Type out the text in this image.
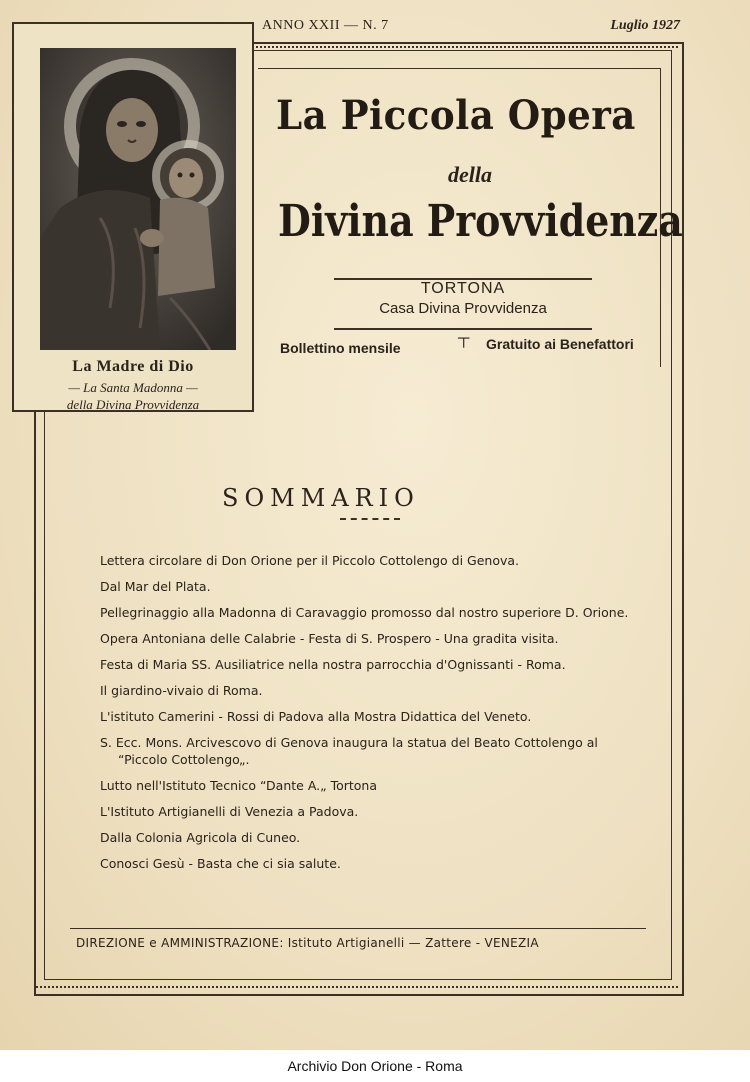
ANNO XXII — N. 7	Luglio 1927
La Madre di Dio
— La Santa Madonna —
della Divina Provvidenza
La Piccola Opera
della
Divina Provvidenza
TORTONA
Casa Divina Provvidenza
Bollettino mensile
┬ Gratuito ai Benefattori
SOMMARIO
Lettera circolare di Don Orione per il Piccolo Cottolengo di Genova.
Dal Mar del Plata.
Pellegrinaggio alla Madonna di Caravaggio promosso dal nostro superiore D. Orione.
Opera Antoniana delle Calabrie - Festa di S. Prospero - Una gradita visita.
Festa di Maria SS. Ausiliatrice nella nostra parrocchia d'Ognissanti - Roma.
Il giardino-vivaio di Roma.
L'istituto Camerini - Rossi di Padova alla Mostra Didattica del Veneto.
S. Ecc. Mons. Arcivescovo di Genova inaugura la statua del Beato Cottolengo al “Piccolo Cottolengo„.
Lutto nell'Istituto Tecnico “Dante A.„ Tortona
L'Istituto Artigianelli di Venezia a Padova.
Dalla Colonia Agricola di Cuneo.
Conosci Gesù - Basta che ci sia salute.
DIREZIONE e AMMINISTRAZIONE: Istituto Artigianelli — Zattere - VENEZIA
Archivio Don Orione - Roma
